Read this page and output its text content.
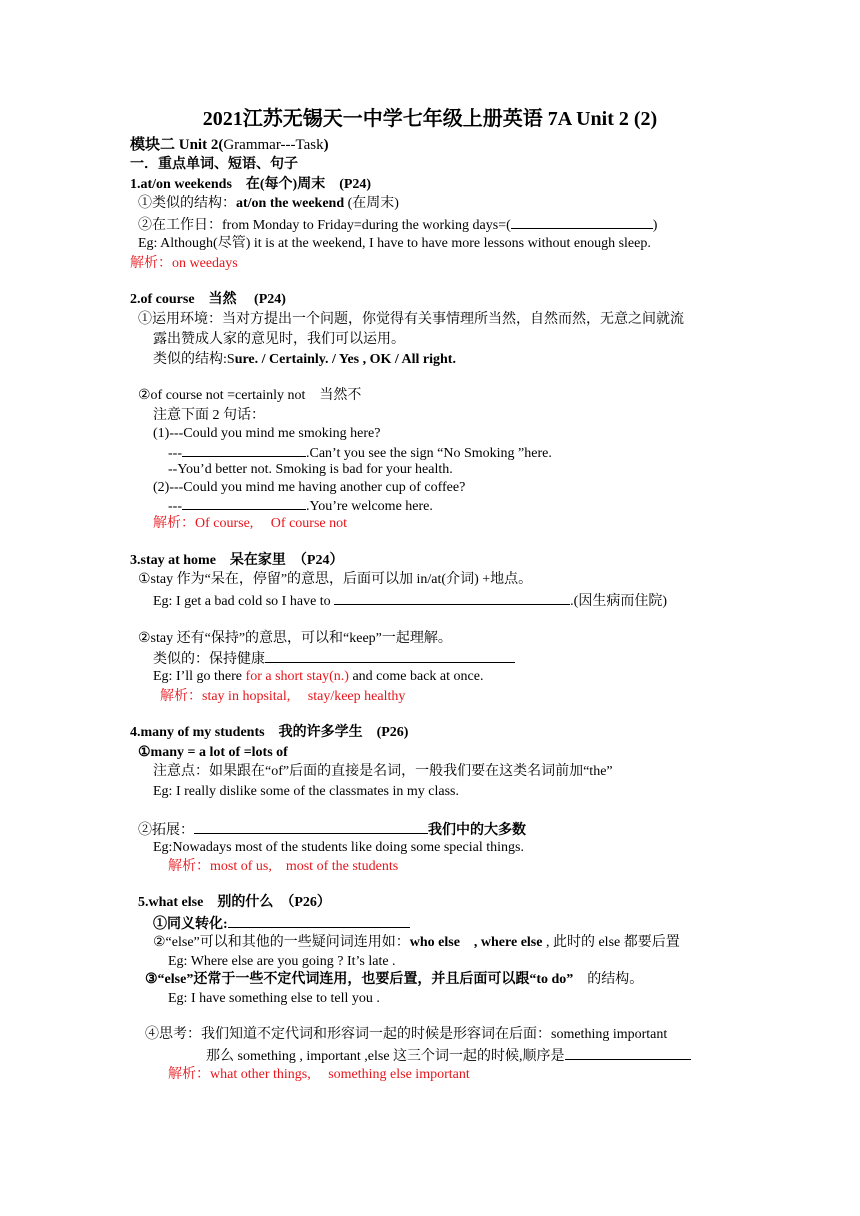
2021江苏无锡天一中学七年级上册英语 7A Unit 2 (2)
模块二 Unit 2(Grammar---Task)
一．重点单词、短语、句子
1.at/on weekends　在(每个)周末　(P24)
①类似的结构：at/on the weekend (在周末)
②在工作日：from Monday to Friday=during the working days=(	)
Eg: Although(尽管) it is at the weekend, I have to have more lessons without enough sleep.
解析：on weedays
2.of course　当然　 (P24)
①运用环境：当对方提出一个问题，你觉得有关事情理所当然，自然而然，无意之间就流
露出赞成人家的意见时，我们可以运用。
类似的结构:Sure. / Certainly. / Yes , OK / All right.
②of course not =certainly not　当然不
注意下面 2 句话：
(1)---Could you mind me smoking here?
---	.Can’t you see the sign “No Smoking ”here.
--You’d better not. Smoking is bad for your health.
(2)---Could you mind me having another cup of coffee?
---	.You’re welcome here.
解析：Of course,　 Of course not
3.stay at home　呆在家里　（P24）
①stay 作为“呆在，停留”的意思，后面可以加 in/at(介词) +地点。
Eg: I get a bad cold so I have to	.(因生病而住院)
②stay 还有“保持”的意思，可以和“keep”一起理解。
类似的：保持健康
Eg: I’ll go there for a short stay(n.) and come back at once.
解析：stay in hopsital,　 stay/keep healthy
4.many of my students　我的许多学生　(P26)
①many = a lot of =lots of
注意点：如果跟在“of”后面的直接是名词，一般我们要在这类名词前加“the”
Eg: I really dislike some of the classmates in my class.
②拓展：	我们中的大多数
Eg:Nowadays most of the students like doing some special things.
解析：most of us,　most of the students
5.what else　别的什么　（P26）
①同义转化:
②“else”可以和其他的一些疑问词连用如：who else　, where else , 此时的 else 都要后置
Eg: Where else are you going ? It’s late .
③“else”还常于一些不定代词连用，也要后置，并且后面可以跟“to do”　的结构。
Eg: I have something else to tell you .
④思考：我们知道不定代词和形容词一起的时候是形容词在后面：something important
那么 something , important ,else 这三个词一起的时候,顺序是
解析：what other things,　 something else important
